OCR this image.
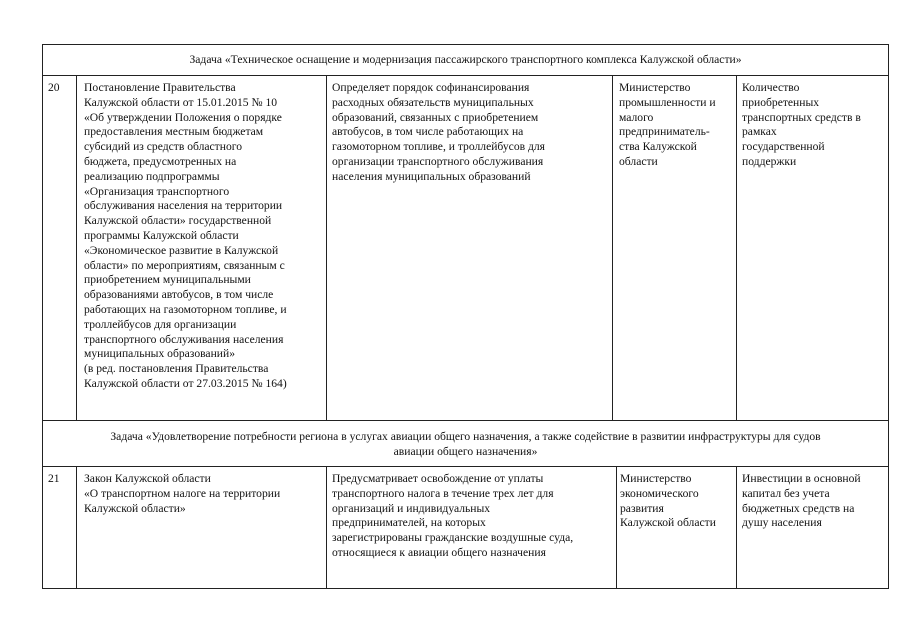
Задача «Техническое оснащение и модернизация пассажирского транспортного комплекса Калужской области»
20	Постановление Правительства
Калужской области от 15.01.2015 № 10
«Об утверждении Положения о порядке
предоставления местным бюджетам
субсидий из средств областного
бюджета, предусмотренных на
реализацию подпрограммы
«Организация транспортного
обслуживания населения на территории
Калужской области» государственной
программы Калужской области
«Экономическое развитие в Калужской
области» по мероприятиям, связанным с
приобретением муниципальными
образованиями автобусов, в том числе
работающих на газомоторном топливе, и
троллейбусов для организации
транспортного обслуживания населения
муниципальных образований»
(в ред. постановления Правительства
Калужской области от 27.03.2015 № 164)
Определяет порядок софинансирования
расходных обязательств муниципальных
образований, связанных с приобретением
автобусов, в том числе работающих на
газомоторном топливе, и троллейбусов для
организации транспортного обслуживания
населения муниципальных образований
Министерство
промышленности и
малого
предприниматель-
ства Калужской
области
Количество
приобретенных
транспортных средств в
рамках
государственной
поддержки
Задача «Удовлетворение потребности региона в услугах авиации общего назначения, а также содействие в развитии инфраструктуры для судов
авиации общего назначения»
21	Закон Калужской области
«О транспортном налоге на территории
Калужской области»
Предусматривает освобождение от уплаты
транспортного налога в течение трех лет для
организаций и индивидуальных
предпринимателей, на которых
зарегистрированы гражданские воздушные суда,
относящиеся к авиации общего назначения
Министерство
экономического
развития
Калужской области
Инвестиции в основной
капитал без учета
бюджетных средств на
душу населения
